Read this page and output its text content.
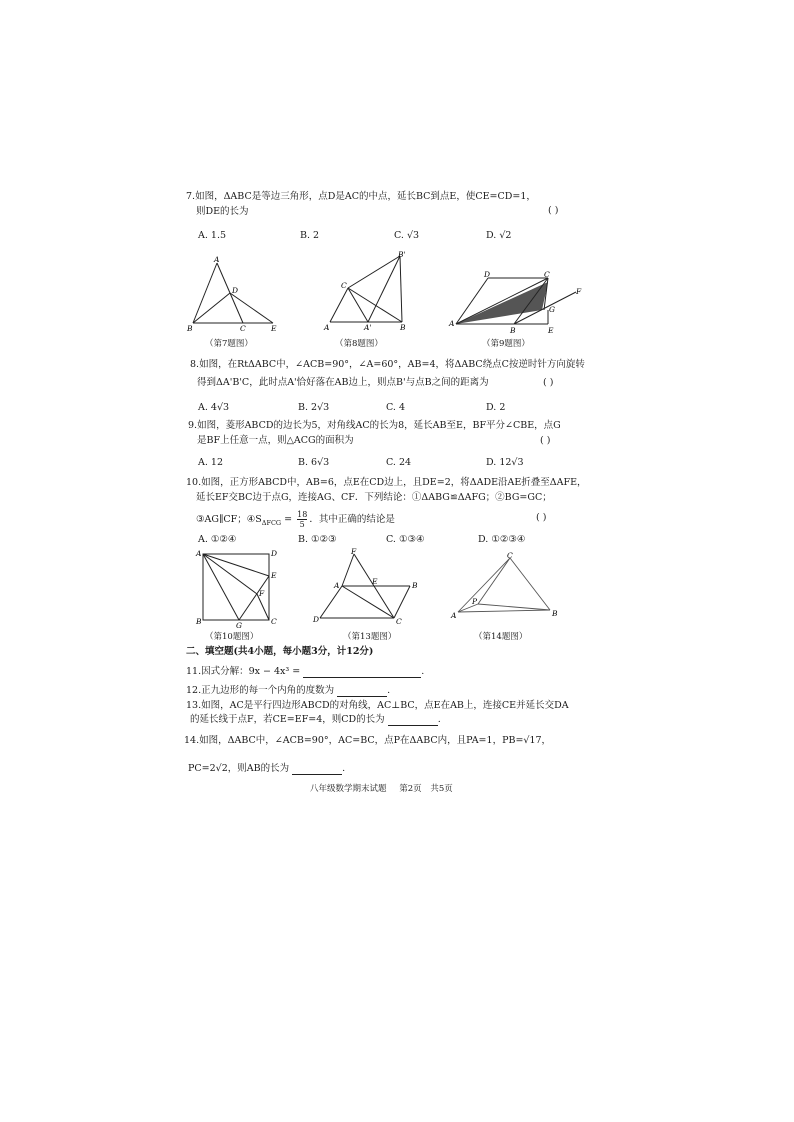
7.如图，ΔABC是等边三角形，点D是AC的中点，延长BC到点E，使CE=CD=1，
则DE的长为	( )
A. 1.5	B. 2	C. √3	D. √2
A
D
B	C	E
（第7题图）
B'
C
A	A'	B
（第8题图）
D	C
F
A
B	E
G
（第9题图）
8.如图，在RtΔABC中，∠ACB=90°，∠A=60°，AB=4，将ΔABC绕点C按逆时针方向旋转
得到ΔA'B'C，此时点A'恰好落在AB边上，则点B'与点B之间的距离为	( )
A. 4√3	B. 2√3	C. 4	D. 2
9.如图，菱形ABCD的边长为5，对角线AC的长为8，延长AB至E，BF平分∠CBE，点G
是BF上任意一点，则△ACG的面积为	( )
A. 12	B. 6√3	C. 24	D. 12√3
10.如图，正方形ABCD中，AB=6，点E在CD边上，且DE=2，将ΔADE沿AE折叠至ΔAFE，
延长EF交BC边于点G，连接AG、CF．下列结论：①ΔABG≌ΔAFG；②BG=GC；
③AG∥CF；$④S_{\Delta FCG} = \frac{18}{5}$ ．其中正确的结论是	( )
A. ①②④	B. ①②③	C. ①③④	D. ①②③④
A	D
E
F
B	G	C
（第10题图）
F
A	E	B
D	C
（第13题图）
C
B
A
P
（第14题图）
二、填空题(共4小题，每小题3分，计12分)
11.因式分解：9x − 4x³ =	.
12.正九边形的每一个内角的度数为	.
13.如图，AC是平行四边形ABCD的对角线，AC⊥BC，点E在AB上，连接CE并延长交DA
的延长线于点F，若CE=EF=4，则CD的长为	.
14.如图，ΔABC中，∠ACB=90°，AC=BC，点P在ΔABC内，且PA=1，PB=√17，
PC=2√2，则AB的长为	.
八年级数学期末试题 第2页 共5页
